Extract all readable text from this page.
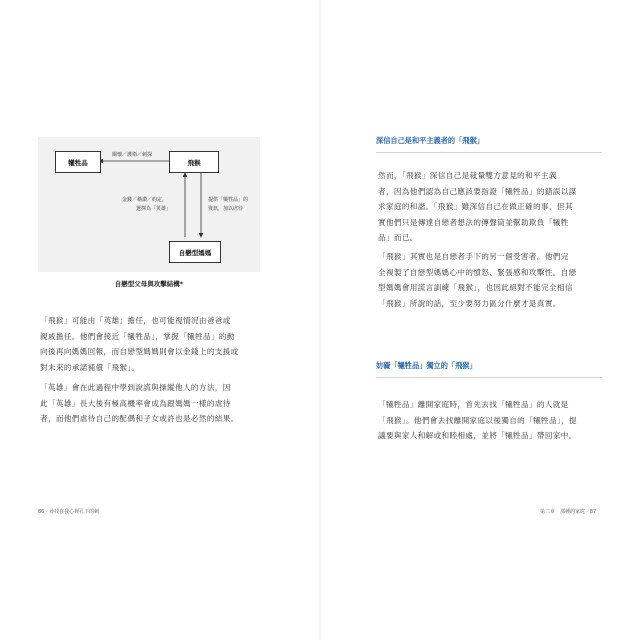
犧牲品	飛猴
自戀型媽媽
關懷／護衛／刺探
金錢／稱讚／約定，
選擇為「英雄」
提供「犧牲品」的
資訊，加以虐待
自戀型父母與攻擊結構*
「飛猴」可能由「英雄」擔任，也可能視情況由爸爸或
親戚擔任。他們會接近「犧牲品」，掌握「犧牲品」的動
向後再向媽媽回報，而自戀型媽媽則會以金錢上的支援或
對未來的承諾補償「飛猴」。
「英雄」會在此過程中學到說謊與操縱他人的方法，因
此「英雄」長大後有極高機率會成為跟媽媽一樣的虐待
者，而他們虐待自己的配偶和子女或許也是必然的結果。
86 · 尋找在我心裡孔下的刺
深信自己是和平主義者的「飛猴」
然而，「飛猴」深信自己是裁量雙方意見的和平主義
者，因為他們認為自己應該要指證「犧牲品」的錯誤以謀
求家庭的和諧。「飛猴」雖深信自己在做正確的事，但其
實他們只是傳達自戀者想法的傳聲筒並幫助欺負「犧牲
品」而已。
「飛猴」其實也是自戀者手下的另一個受害者。他們完
全複製了自戀型媽媽心中的憤怒、緊張感和攻擊性。自戀
型媽媽會用謊言訓練「飛猴」，也因此絕對不能完全相信
「飛猴」所說的話，至少要努力區分什麼才是真實。
妨礙「犧牲品」獨立的「飛猴」
「犧牲品」離開家庭時，首先去找「犧牲品」的人就是
「飛猴」。他們會去找離開家庭以後獨自的「犧牲品」，提
議要與家人和解或和睦相處，並將「犧牲品」帶回家中。
第二章　那種的家庭 · 87
